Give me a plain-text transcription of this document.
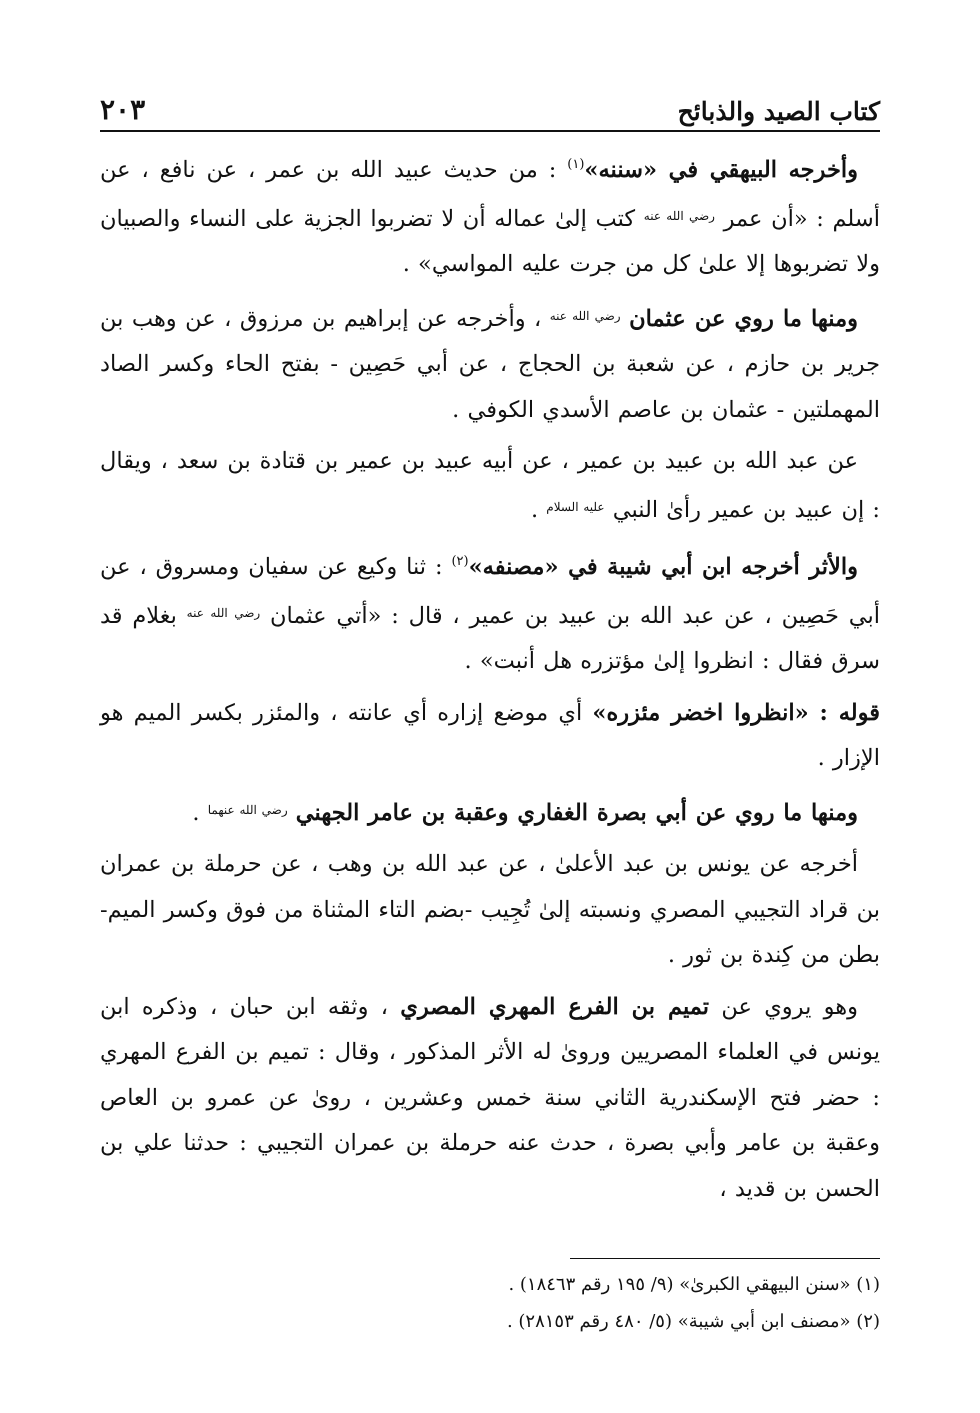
كتاب الصيد والذبائح
٢٠٣

وأخرجه البيهقي في «سننه»$^{(١)}$ : من حديث عبيد الله بن عمر ، عن نافع ، عن أسلم : «أن عمر $^{رضي الله عنه}$ كتب إلىٰ عماله أن لا تضربوا الجزية على النساء والصبيان ولا تضربوها إلا علىٰ كل من جرت عليه المواسي» .

ومنها ما روي عن عثمان $^{رضي الله عنه}$ ، وأخرجه عن إبراهيم بن مرزوق ، عن وهب بن جرير بن حازم ، عن شعبة بن الحجاج ، عن أبي حَصِين - بفتح الحاء وكسر الصاد المهملتين - عثمان بن عاصم الأسدي الكوفي .

عن عبد الله بن عبيد بن عمير ، عن أبيه عبيد بن عمير بن قتادة بن سعد ، ويقال : إن عبيد بن عمير رأىٰ النبي $^{عليه السلام}$ .

والأثر أخرجه ابن أبي شيبة في «مصنفه»$^{(٢)}$ : ثنا وكيع عن سفيان ومسروق ، عن أبي حَصِين ، عن عبد الله بن عبيد بن عمير ، قال : «أتي عثمان $^{رضي الله عنه}$ بغلام قد سرق فقال : انظروا إلىٰ مؤتزره هل أنبت» .

قوله : «انظروا اخضر مئزره» أي موضع إزاره أي عانته ، والمئزر بكسر الميم هو الإزار .

ومنها ما روي عن أبي بصرة الغفاري وعقبة بن عامر الجهني $^{رضي الله عنهما}$ .

أخرجه عن يونس بن عبد الأعلىٰ ، عن عبد الله بن وهب ، عن حرملة بن عمران بن قراد التجيبي المصري ونسبته إلىٰ تُجِيب -بضم التاء المثناة من فوق وكسر الميم- بطن من كِندة بن ثور .

وهو يروي عن تميم بن الفرع المهري المصري ، وثقه ابن حبان ، وذكره ابن يونس في العلماء المصريين وروىٰ له الأثر المذكور ، وقال : تميم بن الفرع المهري : حضر فتح الإسكندرية الثاني سنة خمس وعشرين ، روىٰ عن عمرو بن العاص وعقبة بن عامر وأبي بصرة ، حدث عنه حرملة بن عمران التجيبي : حدثنا علي بن الحسن بن قديد ،

(١) «سنن البيهقي الكبرىٰ» (٩/ ١٩٥ رقم ١٨٤٦٣) .

(٢) «مصنف ابن أبي شيبة» (٥/ ٤٨٠ رقم ٢٨١٥٣) .
